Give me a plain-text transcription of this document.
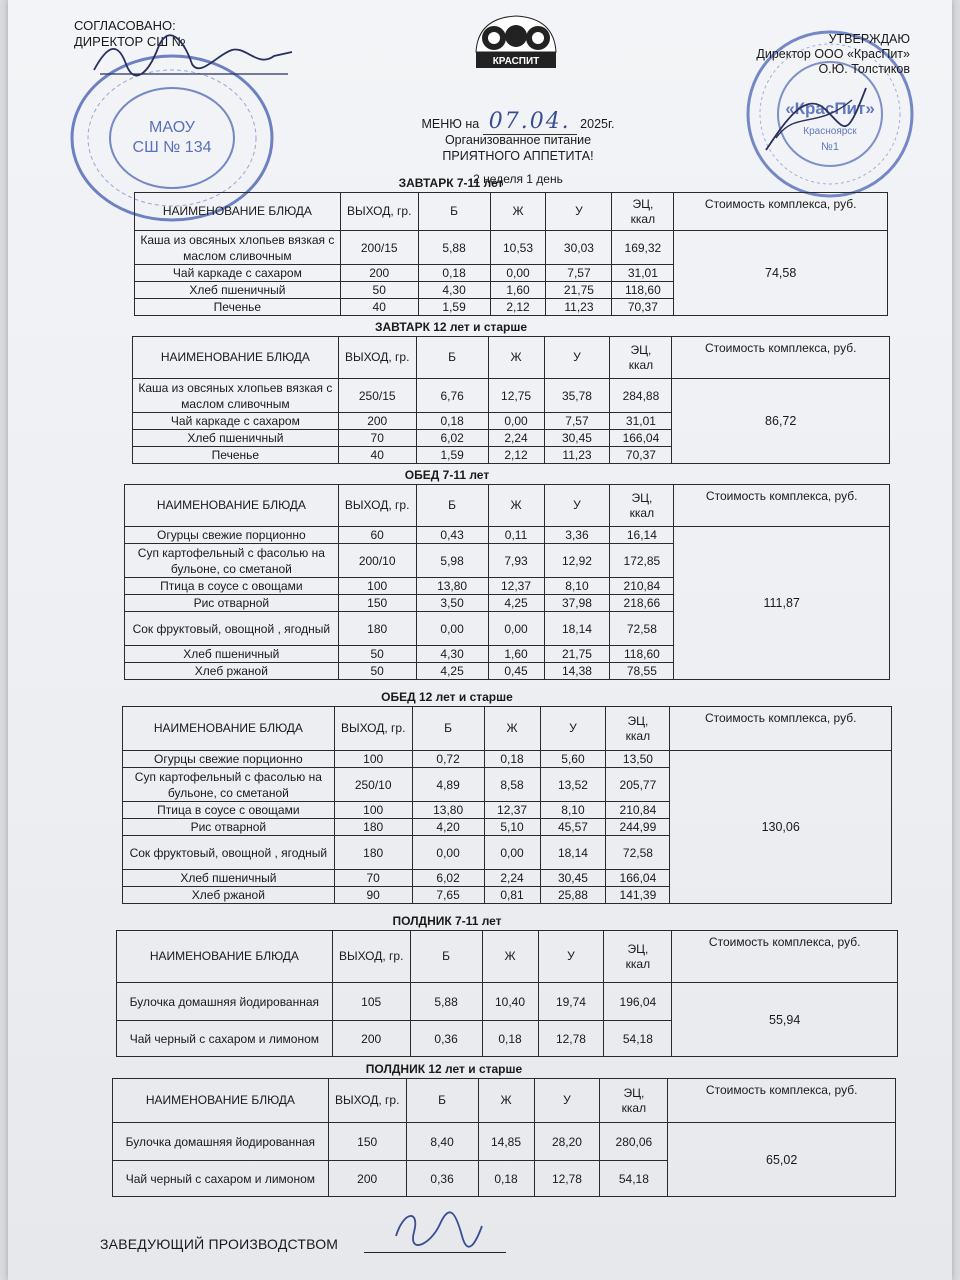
МАОУ
СШ № 134
СОГЛАСОВАНО:
ДИРЕКТОР СШ №
КРАСПИТ
«КрасПит»
Красноярск
№1
УТВЕРЖДАЮ
Директор ООО «КрасПит»
О.Ю. Толстиков
МЕНЮ на 07.04. 2025г.
Организованное питание
ПРИЯТНОГО АППЕТИТА!
2 неделя 1 день
ЗАВТАРК 7-11 лет
НАИМЕНОВАНИЕ БЛЮДА	ВЫХОД, гр.	Б	Ж	У	ЭЦ,
ккал	Стоимость комплекса, руб.
Каша из овсяных хлопьев вязкая с маслом сливочным	200/15	5,88	10,53	30,03	169,32	74,58
Чай каркаде с сахаром	200	0,18	0,00	7,57	31,01	
Хлеб пшеничный	50	4,30	1,60	21,75	118,60	
Печенье	40	1,59	2,12	11,23	70,37	
ЗАВТАРК 12 лет и старше
НАИМЕНОВАНИЕ БЛЮДА	ВЫХОД, гр.	Б	Ж	У	ЭЦ,
ккал	Стоимость комплекса, руб.
Каша из овсяных хлопьев вязкая с маслом сливочным	250/15	6,76	12,75	35,78	284,88	86,72
Чай каркаде с сахаром	200	0,18	0,00	7,57	31,01	
Хлеб пшеничный	70	6,02	2,24	30,45	166,04	
Печенье	40	1,59	2,12	11,23	70,37	
ОБЕД 7-11 лет
НАИМЕНОВАНИЕ БЛЮДА	ВЫХОД, гр.	Б	Ж	У	ЭЦ,
ккал	Стоимость комплекса, руб.
Огурцы свежие порционно	60	0,43	0,11	3,36	16,14	111,87
Суп картофельный с фасолью на бульоне, со сметаной	200/10	5,98	7,93	12,92	172,85	
Птица в соусе с овощами	100	13,80	12,37	8,10	210,84	
Рис отварной	150	3,50	4,25	37,98	218,66	
Сок фруктовый, овощной , ягодный	180	0,00	0,00	18,14	72,58	
Хлеб пшеничный	50	4,30	1,60	21,75	118,60	
Хлеб ржаной	50	4,25	0,45	14,38	78,55	
ОБЕД 12 лет и старше
НАИМЕНОВАНИЕ БЛЮДА	ВЫХОД, гр.	Б	Ж	У	ЭЦ,
ккал	Стоимость комплекса, руб.
Огурцы свежие порционно	100	0,72	0,18	5,60	13,50	130,06
Суп картофельный с фасолью на бульоне, со сметаной	250/10	4,89	8,58	13,52	205,77	
Птица в соусе с овощами	100	13,80	12,37	8,10	210,84	
Рис отварной	180	4,20	5,10	45,57	244,99	
Сок фруктовый, овощной , ягодный	180	0,00	0,00	18,14	72,58	
Хлеб пшеничный	70	6,02	2,24	30,45	166,04	
Хлеб ржаной	90	7,65	0,81	25,88	141,39	
ПОЛДНИК 7-11 лет
НАИМЕНОВАНИЕ БЛЮДА	ВЫХОД, гр.	Б	Ж	У	ЭЦ,
ккал	Стоимость комплекса, руб.
Булочка домашняя йодированная	105	5,88	10,40	19,74	196,04	55,94
Чай черный с сахаром и лимоном	200	0,36	0,18	12,78	54,18	
ПОЛДНИК 12 лет и старше
НАИМЕНОВАНИЕ БЛЮДА	ВЫХОД, гр.	Б	Ж	У	ЭЦ,
ккал	Стоимость комплекса, руб.
Булочка домашняя йодированная	150	8,40	14,85	28,20	280,06	65,02
Чай черный с сахаром и лимоном	200	0,36	0,18	12,78	54,18	
ЗАВЕДУЮЩИЙ ПРОИЗВОДСТВОМ
